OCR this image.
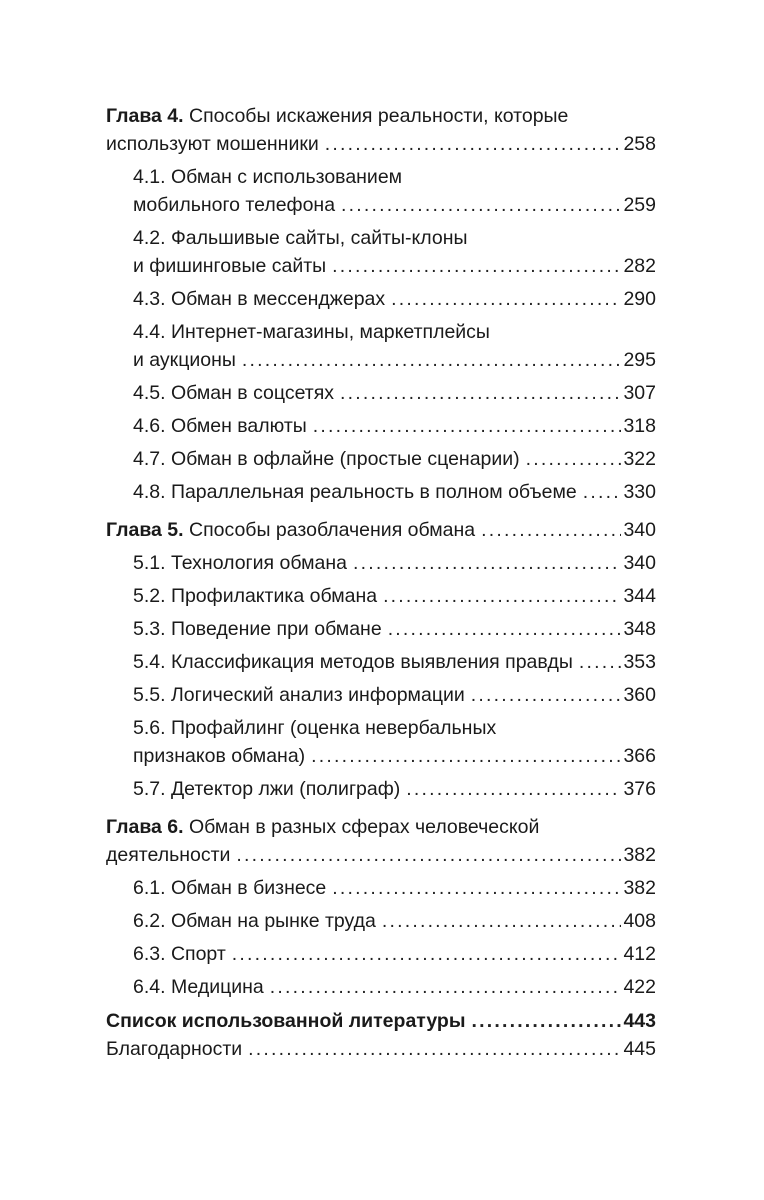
Глава 4. Способы искажения реальности, которые
используют мошенники .....	258
4.1. Обман с использованием
мобильного телефона .....	259
4.2. Фальшивые сайты, сайты-клоны
и фишинговые сайты .....	282
4.3. Обман в мессенджерах .....	290
4.4. Интернет-магазины, маркетплейсы
и аукционы .....	295
4.5. Обман в соцсетях .....	307
4.6. Обмен валюты .....	318
4.7. Обман в офлайне (простые сценарии) .....	322
4.8. Параллельная реальность в полном объеме ..... 330
Глава 5. Способы разоблачения обмана .....	340
5.1. Технология обмана .....	340
5.2. Профилактика обмана .....	344
5.3. Поведение при обмане .....	348
5.4. Классификация методов выявления правды .....	353
5.5. Логический анализ информации .....	360
5.6. Профайлинг (оценка невербальных
признаков обмана) .....	366
5.7. Детектор лжи (полиграф) .....	376
Глава 6. Обман в разных сферах человеческой
деятельности .....	382
6.1. Обман в бизнесе .....	382
6.2. Обман на рынке труда .....	408
6.3. Спорт .....	412
6.4. Медицина .....	422
Список использованной литературы .....	443
Благодарности .....	445
